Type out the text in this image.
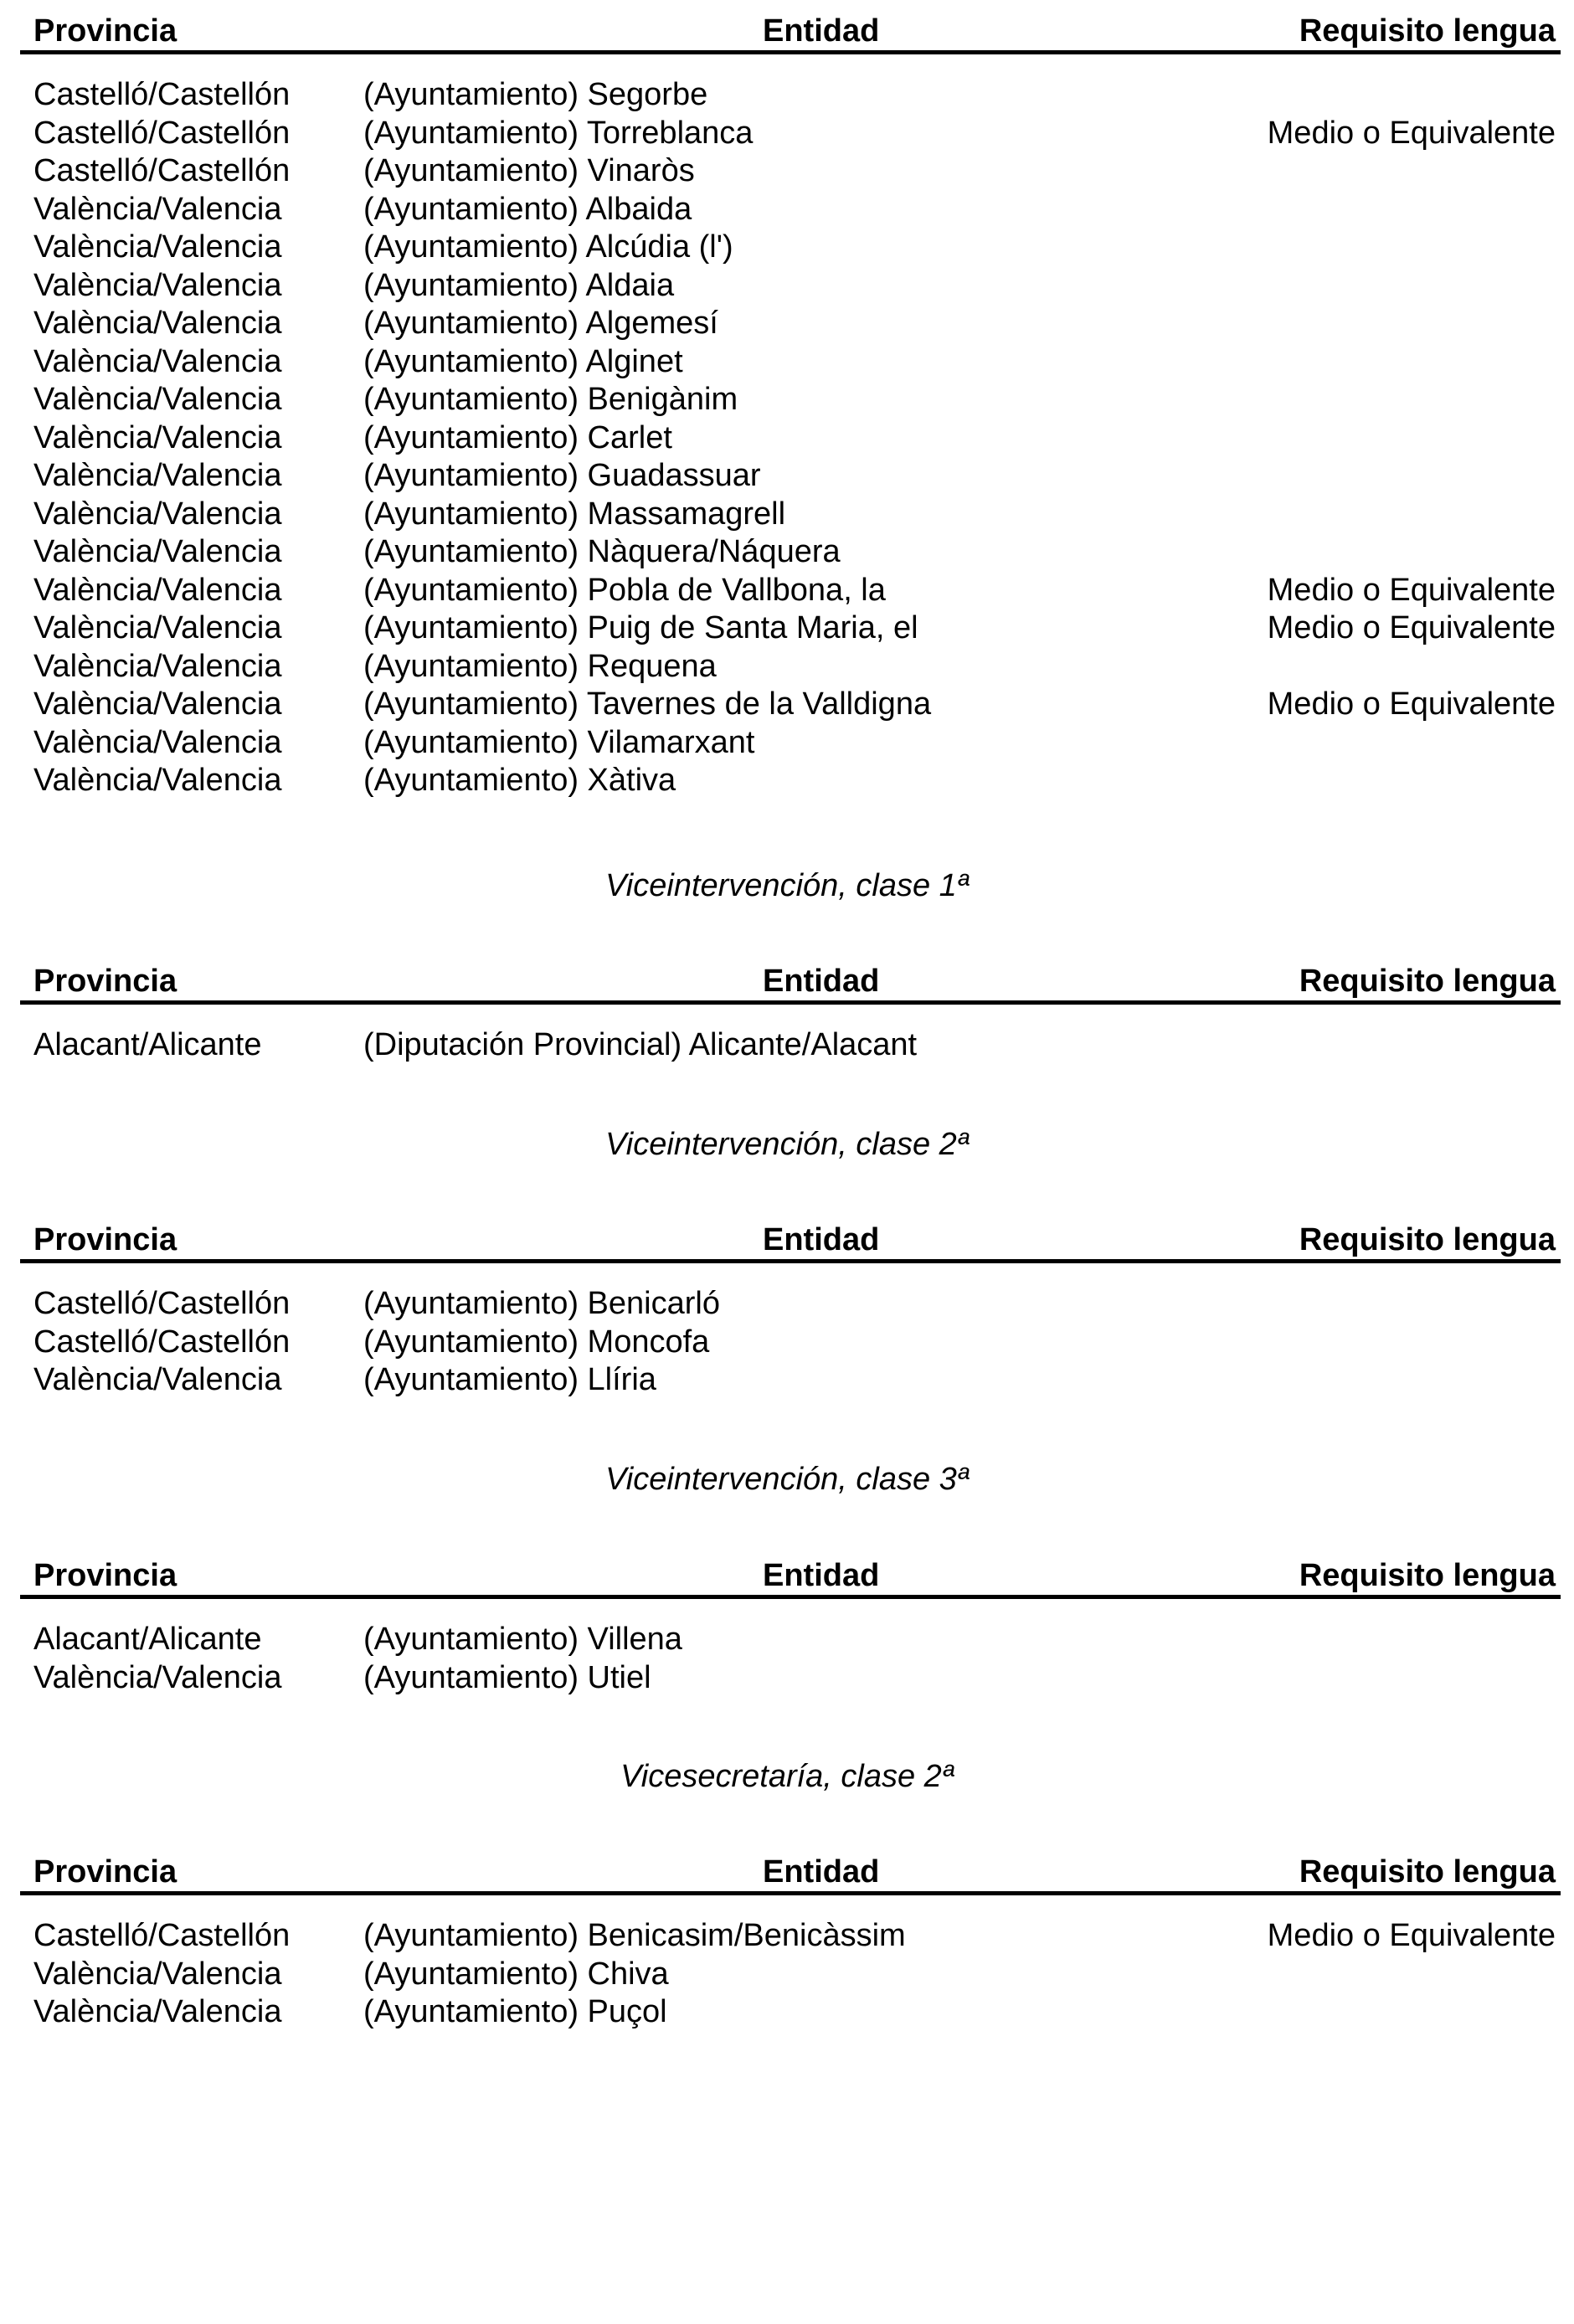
Provincia	Entidad	Requisito lengua
Castelló/Castellón (Ayuntamiento) Segorbe
Castelló/Castellón (Ayuntamiento) Torreblanca	Medio o Equivalente
Castelló/Castellón (Ayuntamiento) Vinaròs
València/Valencia	(Ayuntamiento) Albaida
València/Valencia	(Ayuntamiento) Alcúdia (l')
València/Valencia	(Ayuntamiento) Aldaia
València/Valencia	(Ayuntamiento) Algemesí
València/Valencia	(Ayuntamiento) Alginet
València/Valencia	(Ayuntamiento) Benigànim
València/Valencia	(Ayuntamiento) Carlet
València/Valencia	(Ayuntamiento) Guadassuar
València/Valencia	(Ayuntamiento) Massamagrell
València/Valencia	(Ayuntamiento) Nàquera/Náquera
València/Valencia	(Ayuntamiento) Pobla de Vallbona, la	Medio o Equivalente
València/Valencia	(Ayuntamiento) Puig de Santa Maria, el	Medio o Equivalente
València/Valencia	(Ayuntamiento) Requena
València/Valencia	(Ayuntamiento) Tavernes de la Valldigna	Medio o Equivalente
València/Valencia	(Ayuntamiento) Vilamarxant
València/Valencia	(Ayuntamiento) Xàtiva
Viceintervención, clase 1ª
Provincia	Entidad	Requisito lengua
Alacant/Alicante	(Diputación Provincial) Alicante/Alacant
Viceintervención, clase 2ª
Provincia	Entidad	Requisito lengua
Castelló/Castellón (Ayuntamiento) Benicarló
Castelló/Castellón (Ayuntamiento) Moncofa
València/Valencia	(Ayuntamiento) Llíria
Viceintervención, clase 3ª
Provincia	Entidad	Requisito lengua
Alacant/Alicante	(Ayuntamiento) Villena
València/Valencia	(Ayuntamiento) Utiel
Vicesecretaría, clase 2ª
Provincia	Entidad	Requisito lengua
Castelló/Castellón (Ayuntamiento) Benicasim/Benicàssim	Medio o Equivalente
València/Valencia	(Ayuntamiento) Chiva
València/Valencia	(Ayuntamiento) Puçol
